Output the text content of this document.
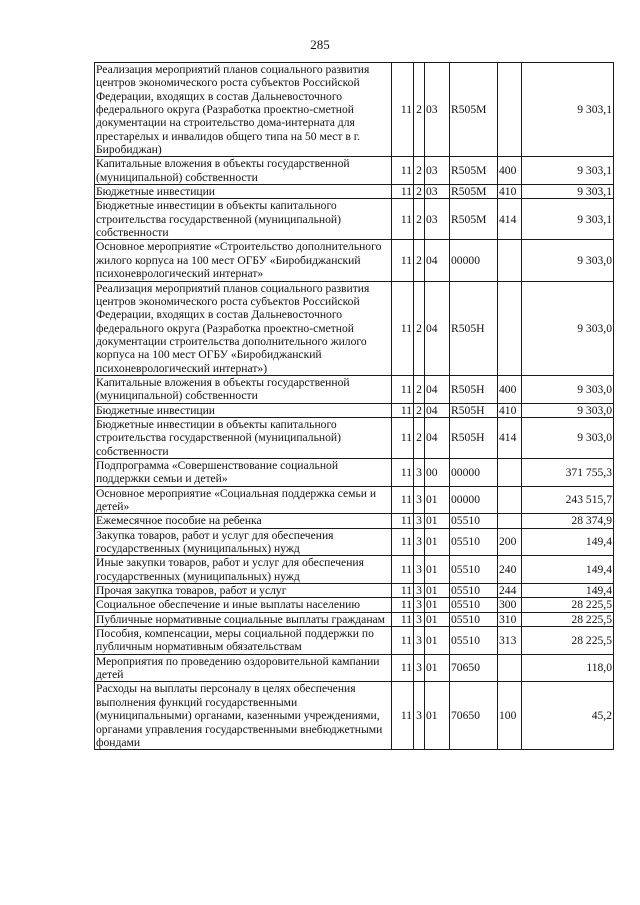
285
Реализация мероприятий планов социального развития центров экономического роста субъектов Российской Федерации, входящих в состав Дальневосточного федерального округа (Разработка проектно-сметной документации на строительство дома-интерната для престарелых и инвалидов общего типа на 50 мест в г. Биробиджан)	11	2	03	R505M		9 303,1
Капитальные вложения в объекты государственной (муниципальной) собственности	11	2	03	R505M	400	9 303,1
Бюджетные инвестиции	11	2	03	R505M	410	9 303,1
Бюджетные инвестиции в объекты капитального строительства государственной (муниципальной) собственности	11	2	03	R505M	414	9 303,1
Основное мероприятие «Строительство дополнительного жилого корпуса на 100 мест ОГБУ «Биробиджанский психоневрологический интернат»	11	2	04	00000		9 303,0
Реализация мероприятий планов социального развития центров экономического роста субъектов Российской Федерации, входящих в состав Дальневосточного федерального округа (Разработка проектно-сметной документации строительства дополнительного жилого корпуса на 100 мест ОГБУ «Биробиджанский психоневрологический интернат»)	11	2	04	R505H		9 303,0
Капитальные вложения в объекты государственной (муниципальной) собственности	11	2	04	R505H	400	9 303,0
Бюджетные инвестиции	11	2	04	R505H	410	9 303,0
Бюджетные инвестиции в объекты капитального строительства государственной (муниципальной) собственности	11	2	04	R505H	414	9 303,0
Подпрограмма «Совершенствование социальной поддержки семьи и детей»	11	3	00	00000		371 755,3
Основное мероприятие «Социальная поддержка семьи и детей»	11	3	01	00000		243 515,7
Ежемесячное пособие на ребенка	11	3	01	05510		28 374,9
Закупка товаров, работ и услуг для обеспечения государственных (муниципальных) нужд	11	3	01	05510	200	149,4
Иные закупки товаров, работ и услуг для обеспечения государственных (муниципальных) нужд	11	3	01	05510	240	149,4
Прочая закупка товаров, работ и услуг	11	3	01	05510	244	149,4
Социальное обеспечение и иные выплаты населению	11	3	01	05510	300	28 225,5
Публичные нормативные социальные выплаты гражданам	11	3	01	05510	310	28 225,5
Пособия, компенсации, меры социальной поддержки по публичным нормативным обязательствам	11	3	01	05510	313	28 225,5
Мероприятия по проведению оздоровительной кампании детей	11	3	01	70650		118,0
Расходы на выплаты персоналу в целях обеспечения выполнения функций государственными (муниципальными) органами, казенными учреждениями, органами управления государственными внебюджетными фондами	11	3	01	70650	100	45,2
